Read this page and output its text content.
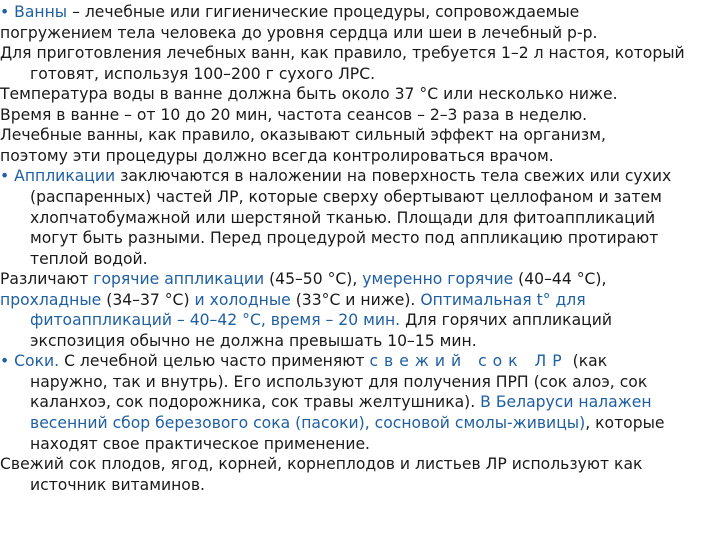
• Ванны – лечебные или гигиенические процедуры, сопровождаемые
погружением тела человека до уровня сердца или шеи в лечебный р-р.
Для приготовления лечебных ванн, как правило, требуется 1–2 л настоя, который
готовят, используя 100–200 г сухого ЛРС.
Температура воды в ванне должна быть около 37 °С или несколько ниже.
Время в ванне – от 10 до 20 мин, частота сеансов – 2–3 раза в неделю.
Лечебные ванны, как правило, оказывают сильный эффект на организм,
поэтому эти процедуры должно всегда контролироваться врачом.
• Аппликации заключаются в наложении на поверхность тела свежих или сухих
(распаренных) частей ЛР, которые сверху обертывают целлофаном и затем
хлопчатобумажной или шерстяной тканью. Площади для фитоаппликаций
могут быть разными. Перед процедурой место под аппликацию протирают
теплой водой.
Различают горячие аппликации (45–50 °С), умеренно горячие (40–44 °С),
прохладные (34–37 °С) и холодные (33°С и ниже). Оптимальная t° для
фитоаппликаций – 40–42 °С, время – 20 мин. Для горячих аппликаций
экспозиция обычно не должна превышать 10–15 мин.
• Соки. С лечебной целью часто применяют свежий сок ЛР (как
наружно, так и внутрь). Его используют для получения ПРП (сок алоэ, сок
каланхоэ, сок подорожника, сок травы желтушника). В Беларуси налажен
весенний сбор березового сока (пасоки), сосновой смолы-живицы), которые
находят свое практическое применение.
Свежий сок плодов, ягод, корней, корнеплодов и листьев ЛР используют как
источник витаминов.
